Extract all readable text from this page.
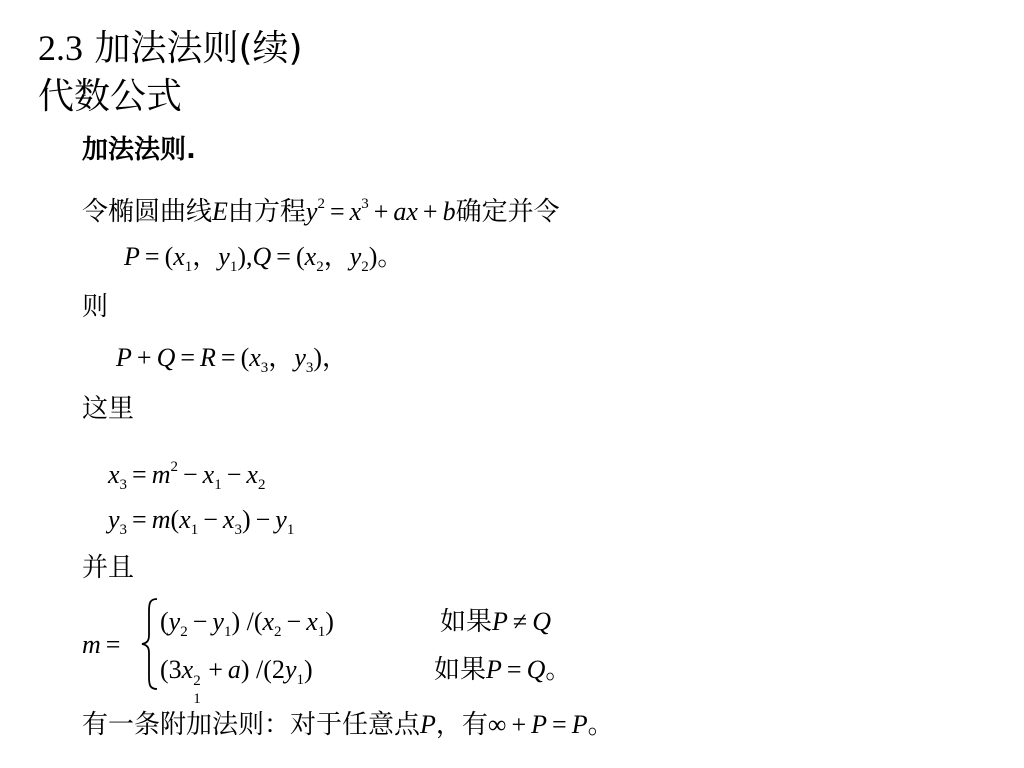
2.3 加法法则(续)
代数公式
加法法则.
令椭圆曲线E由方程$y^2 = x^3$ + ax + b确定并令
$P = (x_1$，$y_1),Q = (x_2$，$y_2$)。
则
$P + Q = R = (x_3$，$y_3$)，
这里
$x_3 = m^2 - x_1 - x_2$
$y_3 = m(x_1 - x_3) - y_1$
并且
m =
$(y_2 - y_1) /(x_2 - x_1)$	如果P ≠ Q
(3x 2
1
+ a) $/(2y_1)$	如果P = Q。
有一条附加法则：对于任意点P，有∞ + P = P。
